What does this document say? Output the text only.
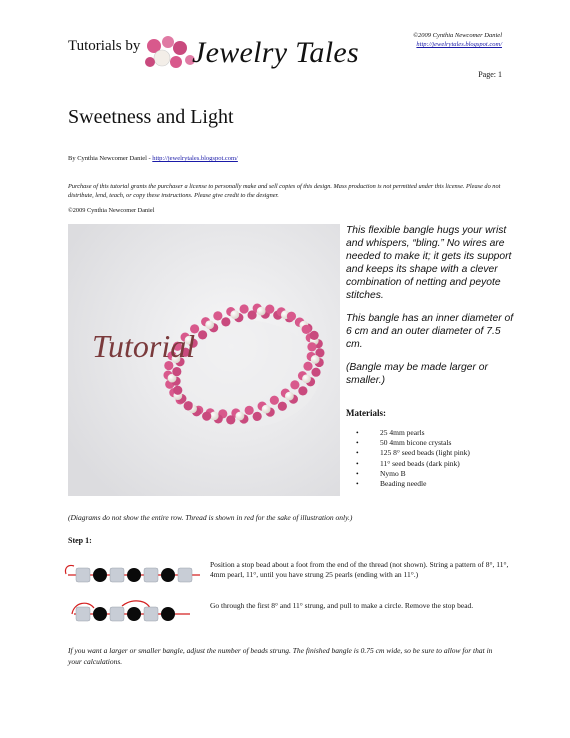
Tutorials by Jewelry Tales
©2009 Cynthia Newcomer Daniel
http://jewelrytales.blogspot.com/
Page: 1
Sweetness and Light
By Cynthia Newcomer Daniel - http://jewelrytales.blogspot.com/
Purchase of this tutorial grants the purchaser a license to personally make and sell copies of this design. Mass production is not permitted under this license. Please do not distribute, lend, teach, or copy these instructions. Please give credit to the designer.
©2009 Cynthia Newcomer Daniel
Tutorial

This flexible bangle hugs your wrist and whispers, “bling.” No wires are needed to make it; it gets its support and keeps its shape with a clever combination of netting and peyote stitches.

This bangle has an inner diameter of 6 cm and an outer diameter of 7.5 cm.

(Bangle may be made larger or smaller.)

Materials:
• 25 4mm pearls
• 50 4mm bicone crystals
• 125 8° seed beads (light pink)
• 11° seed beads (dark pink)
• Nymo B
• Beading needle
(Diagrams do not show the entire row. Thread is shown in red for the sake of illustration only.)
Step 1:
Position a stop bead about a foot from the end of the thread (not shown). String a pattern of 8°, 11°, 4mm pearl, 11°, until you have strung 25 pearls (ending with an 11°.)
Go through the first 8° and 11° strung, and pull to make a circle. Remove the stop bead.
If you want a larger or smaller bangle, adjust the number of beads strung. The finished bangle is 0.75 cm wide, so be sure to allow for that in your calculations.
